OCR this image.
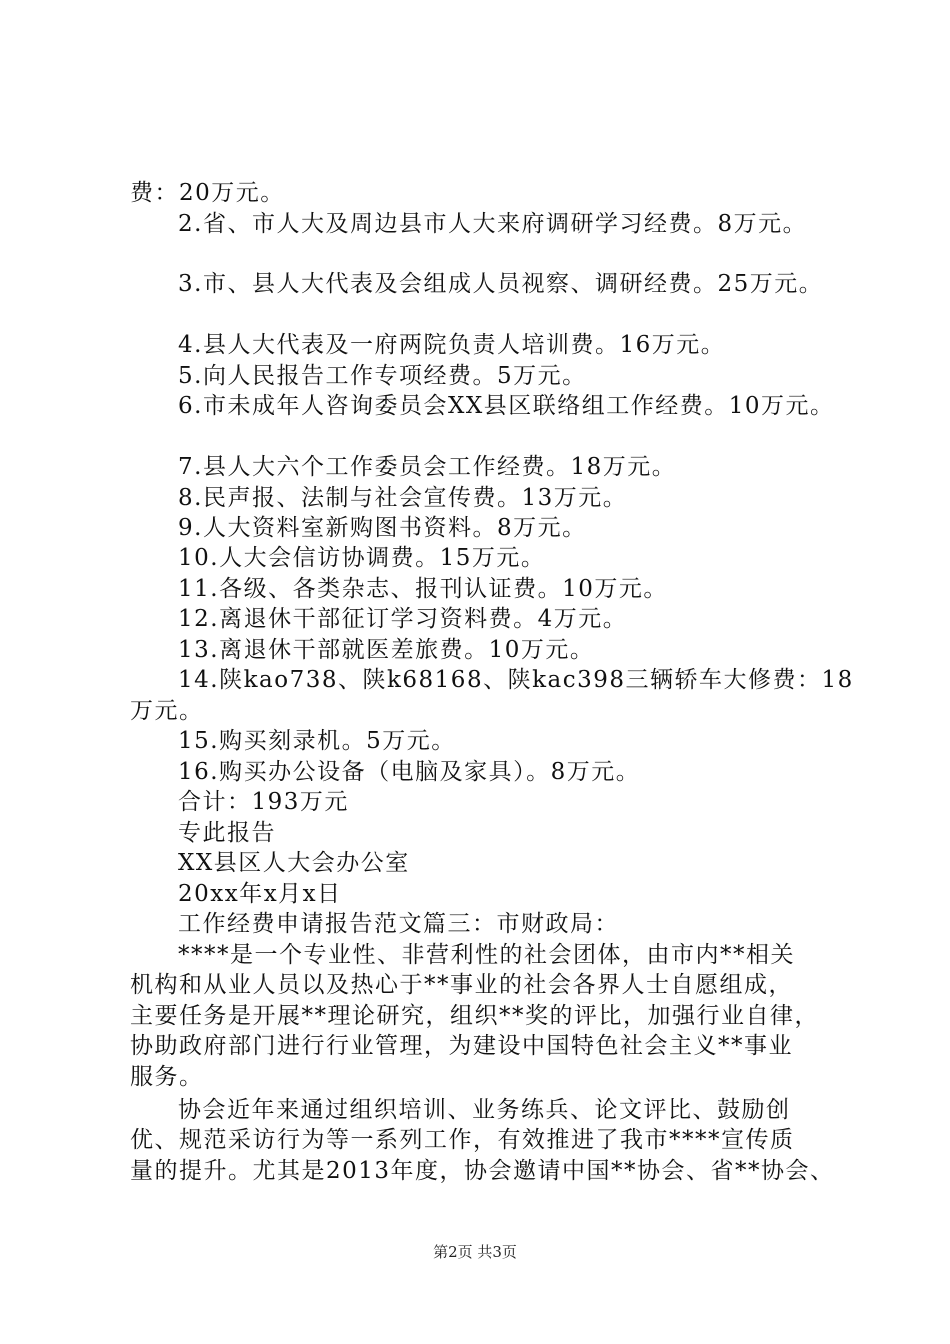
费：20万元。
2.省、市人大及周边县市人大来府调研学习经费。8万元。
3.市、县人大代表及会组成人员视察、调研经费。25万元。
4.县人大代表及一府两院负责人培训费。16万元。
5.向人民报告工作专项经费。5万元。
6.市未成年人咨询委员会XX县区联络组工作经费。10万元。
7.县人大六个工作委员会工作经费。18万元。
8.民声报、法制与社会宣传费。13万元。
9.人大资料室新购图书资料。8万元。
10.人大会信访协调费。15万元。
11.各级、各类杂志、报刊认证费。10万元。
12.离退休干部征订学习资料费。4万元。
13.离退休干部就医差旅费。10万元。
14.陕kao738、陕k68168、陕kac398三辆轿车大修费：18
万元。
15.购买刻录机。5万元。
16.购买办公设备（电脑及家具）。8万元。
合计：193万元
专此报告
XX县区人大会办公室
20xx年x月x日
工作经费申请报告范文篇三：市财政局：
****是一个专业性、非营利性的社会团体，由市内**相关
机构和从业人员以及热心于**事业的社会各界人士自愿组成，
主要任务是开展**理论研究，组织**奖的评比，加强行业自律，
协助政府部门进行行业管理，为建设中国特色社会主义**事业
服务。
协会近年来通过组织培训、业务练兵、论文评比、鼓励创
优、规范采访行为等一系列工作，有效推进了我市****宣传质
量的提升。尤其是2013年度，协会邀请中国**协会、省**协会、
第2页 共3页
